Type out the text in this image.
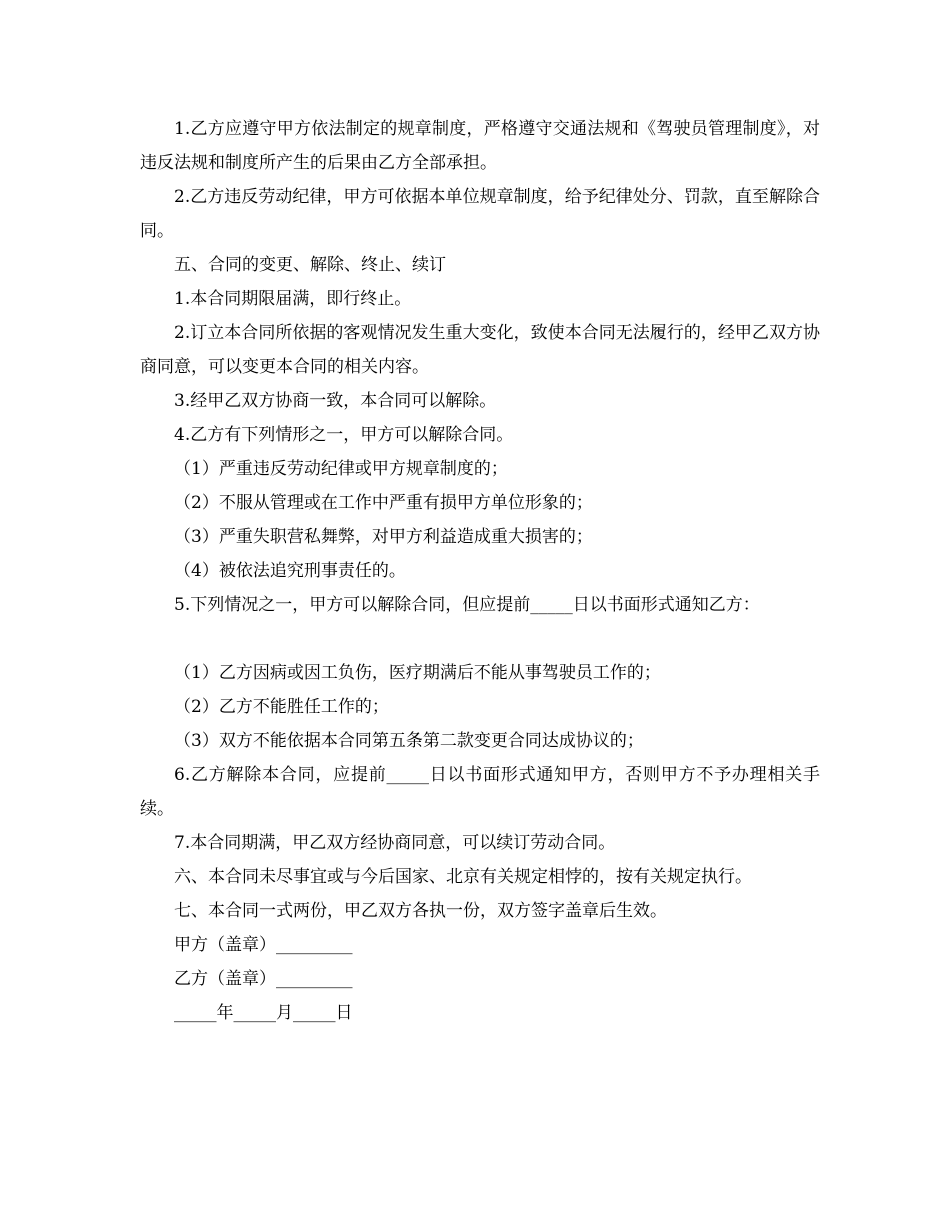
1.乙方应遵守甲方依法制定的规章制度，严格遵守交通法规和《驾驶员管理制度》，对违反法规和制度所产生的后果由乙方全部承担。

2.乙方违反劳动纪律，甲方可依据本单位规章制度，给予纪律处分、罚款，直至解除合同。

五、合同的变更、解除、终止、续订

1.本合同期限届满，即行终止。

2.订立本合同所依据的客观情况发生重大变化，致使本合同无法履行的，经甲乙双方协商同意，可以变更本合同的相关内容。

3.经甲乙双方协商一致，本合同可以解除。

4.乙方有下列情形之一，甲方可以解除合同。

（1）严重违反劳动纪律或甲方规章制度的；

（2）不服从管理或在工作中严重有损甲方单位形象的；

（3）严重失职营私舞弊，对甲方利益造成重大损害的；

（4）被依法追究刑事责任的。

5.下列情况之一，甲方可以解除合同，但应提前_____日以书面形式通知乙方：

（1）乙方因病或因工负伤，医疗期满后不能从事驾驶员工作的；

（2）乙方不能胜任工作的；

（3）双方不能依据本合同第五条第二款变更合同达成协议的；

6.乙方解除本合同，应提前_____日以书面形式通知甲方，否则甲方不予办理相关手续。

7.本合同期满，甲乙双方经协商同意，可以续订劳动合同。

六、本合同未尽事宜或与今后国家、北京有关规定相悖的，按有关规定执行。

七、本合同一式两份，甲乙双方各执一份，双方签字盖章后生效。

甲方（盖章）_________

乙方（盖章）_________

_____年_____月_____日
